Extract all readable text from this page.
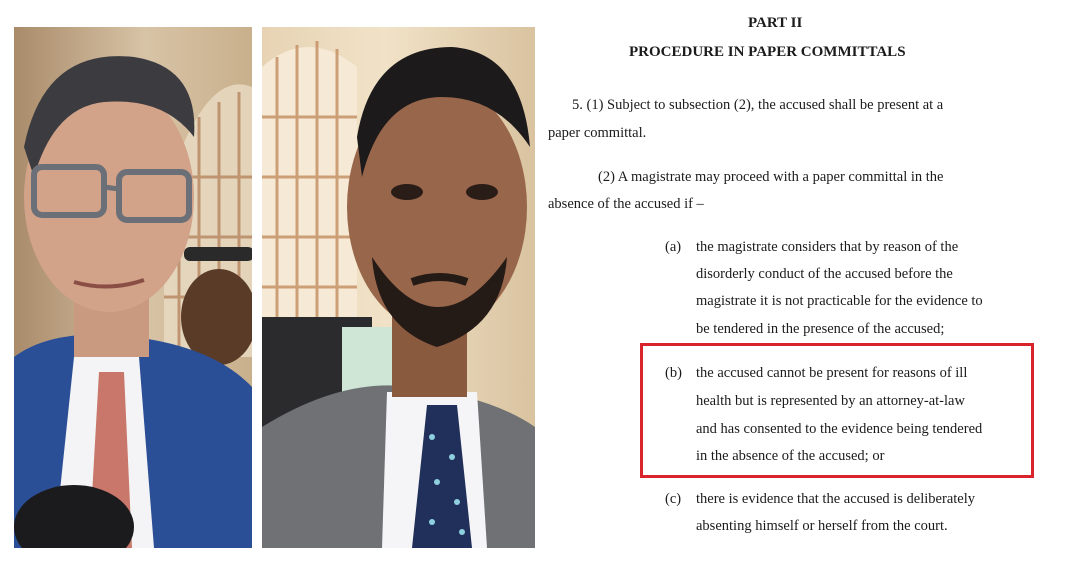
PART II
PROCEDURE IN PAPER COMMITTALS
5. (1) Subject to subsection (2), the accused shall be present at a
paper committal.
(2) A magistrate may proceed with a paper committal in the
absence of the accused if –
(a) the magistrate considers that by reason of the
disorderly conduct of the accused before the
magistrate it is not practicable for the evidence to
be tendered in the presence of the accused;
(b) the accused cannot be present for reasons of ill
health but is represented by an attorney-at-law
and has consented to the evidence being tendered
in the absence of the accused; or
(c) there is evidence that the accused is deliberately
absenting himself or herself from the court.
